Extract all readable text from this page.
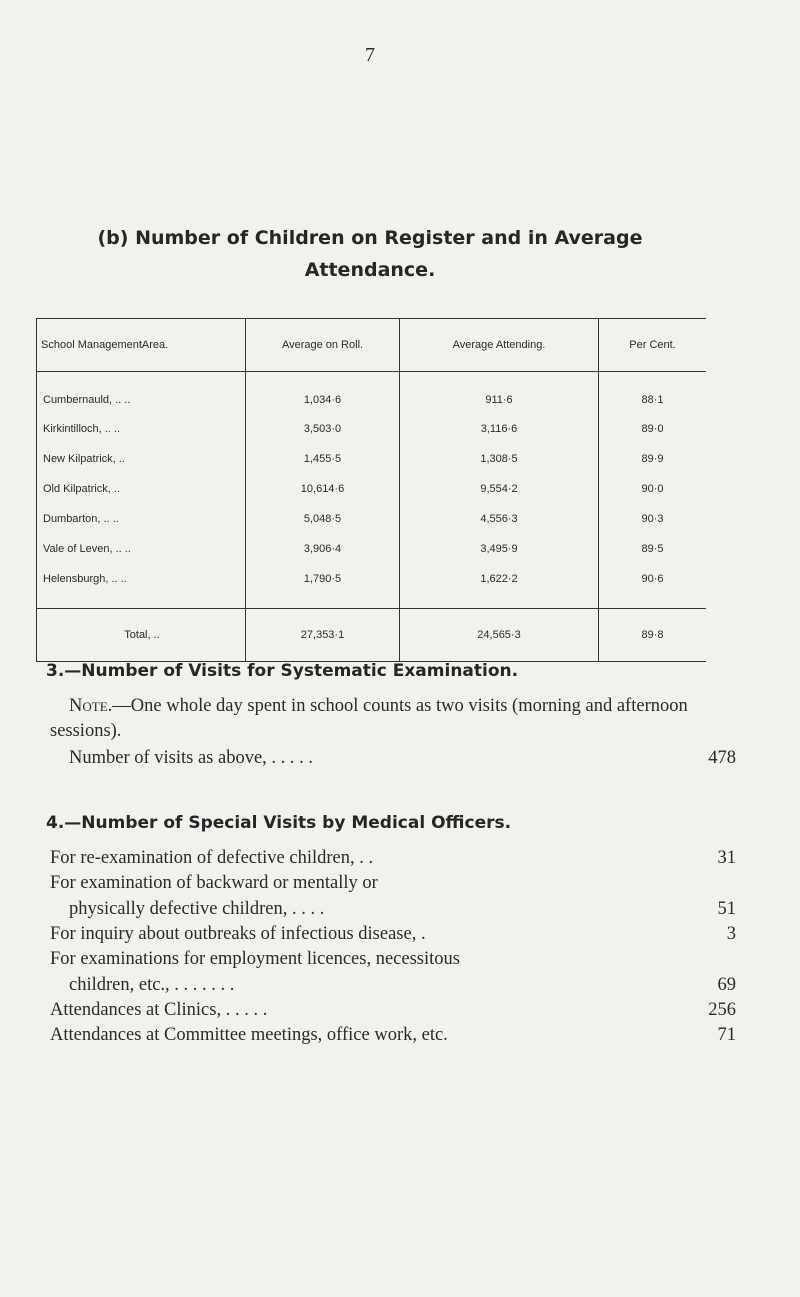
7
(b) Number of Children on Register and in Average
Attendance.
School ManagementArea.	Average on Roll.	Average Attending.	Per Cent.
Cumbernauld, .. ..	1,034·6	911·6	88·1
Kirkintilloch, .. ..	3,503·0	3,116·6	89·0
New Kilpatrick, ..	1,455·5	1,308·5	89·9
Old Kilpatrick, ..	10,614·6	9,554·2	90·0
Dumbarton, .. ..	5,048·5	4,556·3	90·3
Vale of Leven, .. ..	3,906·4	3,495·9	89·5
Helensburgh, .. ..	1,790·5	1,622·2	90·6
Total, ..	27,353·1	24,565·3	89·8
3.—Number of Visits for Systematic Examination.
Note.—One whole day spent in school counts as two visits (morning and afternoon sessions).
Number of visits as above, . . . . .	478
4.—Number of Special Visits by Medical Officers.
For re-examination of defective children, . .	31
For examination of backward or mentally or
physically defective children, . . . .	51
For inquiry about outbreaks of infectious disease, .	3
For examinations for employment licences, necessitous
children, etc., . . . . . . .	69
Attendances at Clinics, . . . . .	256
Attendances at Committee meetings, office work, etc.	71
